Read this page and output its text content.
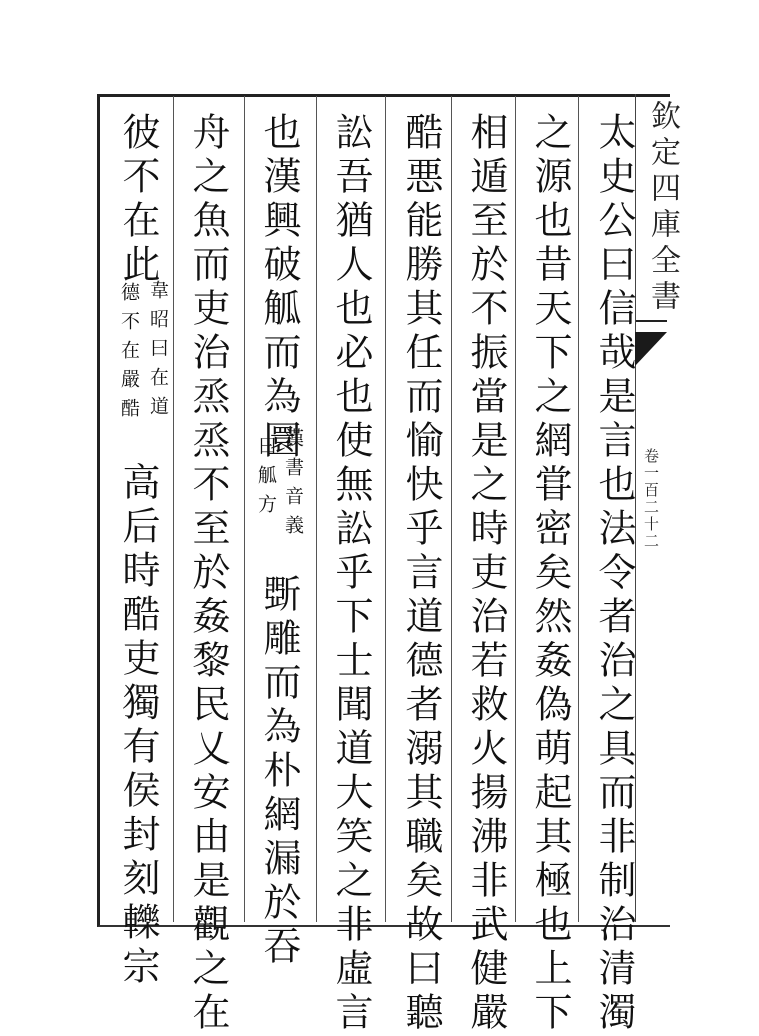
欽定四庫全書
卷一百二十二
太史公曰信哉是言也法令者治之具而非制治清濁
之源也昔天下之網甞密矣然姦偽萌起其極也上下
相遁至於不振當是之時吏治若救火揚沸非武健嚴
酷悪能勝其任而愉快乎言道德者溺其職矣故曰聽
訟吾猶人也必也使無訟乎下士聞道大笑之非虛言
也漢興破觚而為圜
漢書音義
曰觚方
斲雕而為朴網漏於吞
舟之魚而吏治烝烝不至於姦黎民乂安由是觀之在
彼不在此
韋昭曰在道
德不在嚴酷
高后時酷吏獨有侯封刻轢宗
